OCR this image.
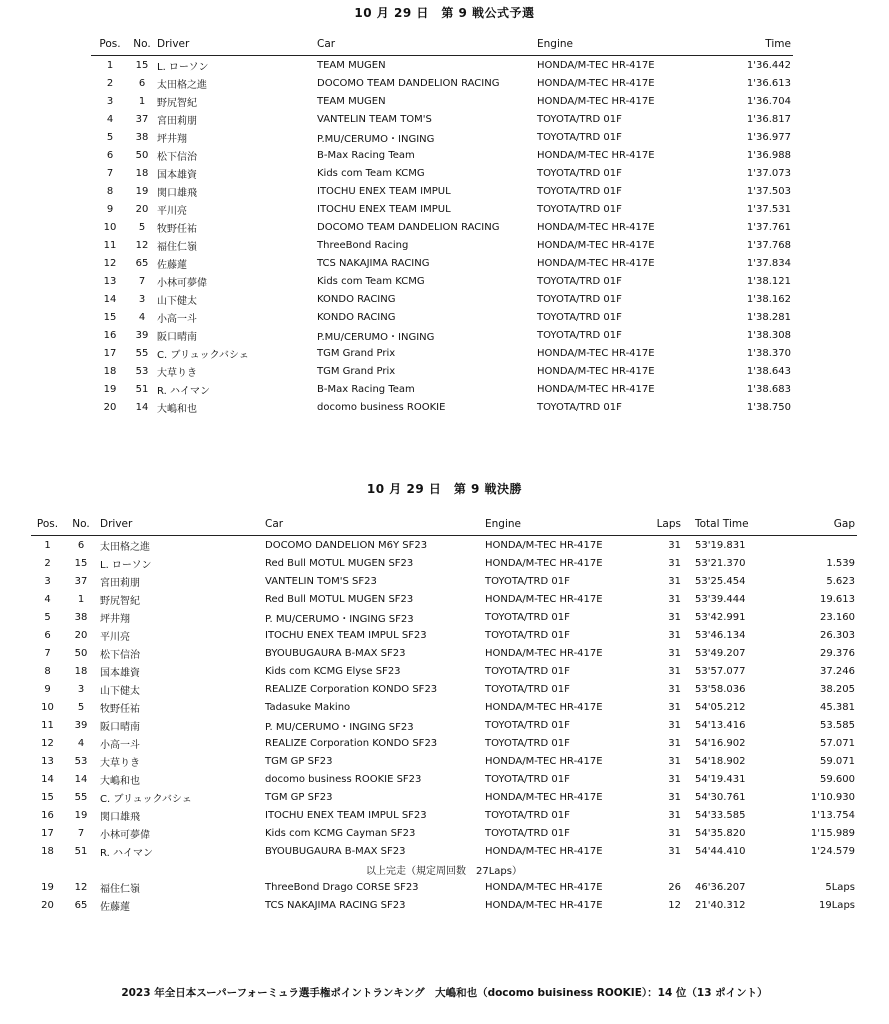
10 月 29 日　第 9 戦公式予選
Pos.	No.	Driver	Car	Engine	Time
1	15	L. ローソン	TEAM MUGEN	HONDA/M-TEC HR-417E	1'36.442
2	6	太田格之進	DOCOMO TEAM DANDELION RACING	HONDA/M-TEC HR-417E	1'36.613
3	1	野尻智紀	TEAM MUGEN	HONDA/M-TEC HR-417E	1'36.704
4	37	宮田莉朋	VANTELIN TEAM TOM'S	TOYOTA/TRD 01F	1'36.817
5	38	坪井翔	P.MU/CERUMO・INGING	TOYOTA/TRD 01F	1'36.977
6	50	松下信治	B-Max Racing Team	HONDA/M-TEC HR-417E	1'36.988
7	18	国本雄資	Kids com Team KCMG	TOYOTA/TRD 01F	1'37.073
8	19	関口雄飛	ITOCHU ENEX TEAM IMPUL	TOYOTA/TRD 01F	1'37.503
9	20	平川亮	ITOCHU ENEX TEAM IMPUL	TOYOTA/TRD 01F	1'37.531
10	5	牧野任祐	DOCOMO TEAM DANDELION RACING	HONDA/M-TEC HR-417E	1'37.761
11	12	福住仁嶺	ThreeBond Racing	HONDA/M-TEC HR-417E	1'37.768
12	65	佐藤蓮	TCS NAKAJIMA RACING	HONDA/M-TEC HR-417E	1'37.834
13	7	小林可夢偉	Kids com Team KCMG	TOYOTA/TRD 01F	1'38.121
14	3	山下健太	KONDO RACING	TOYOTA/TRD 01F	1'38.162
15	4	小高一斗	KONDO RACING	TOYOTA/TRD 01F	1'38.281
16	39	阪口晴南	P.MU/CERUMO・INGING	TOYOTA/TRD 01F	1'38.308
17	55	C. ブリュックバシェ	TGM Grand Prix	HONDA/M-TEC HR-417E	1'38.370
18	53	大草りき	TGM Grand Prix	HONDA/M-TEC HR-417E	1'38.643
19	51	R. ハイマン	B-Max Racing Team	HONDA/M-TEC HR-417E	1'38.683
20	14	大嶋和也	docomo business ROOKIE	TOYOTA/TRD 01F	1'38.750
10 月 29 日　第 9 戦決勝
Pos.	No.	Driver	Car	Engine	Laps	Total Time	Gap
1	6	太田格之進	DOCOMO DANDELION M6Y SF23	HONDA/M-TEC HR-417E	31	53'19.831	
2	15	L. ローソン	Red Bull MOTUL MUGEN SF23	HONDA/M-TEC HR-417E	31	53'21.370	1.539
3	37	宮田莉朋	VANTELIN TOM'S SF23	TOYOTA/TRD 01F	31	53'25.454	5.623
4	1	野尻智紀	Red Bull MOTUL MUGEN SF23	HONDA/M-TEC HR-417E	31	53'39.444	19.613
5	38	坪井翔	P. MU/CERUMO・INGING SF23	TOYOTA/TRD 01F	31	53'42.991	23.160
6	20	平川亮	ITOCHU ENEX TEAM IMPUL SF23	TOYOTA/TRD 01F	31	53'46.134	26.303
7	50	松下信治	BYOUBUGAURA B-MAX SF23	HONDA/M-TEC HR-417E	31	53'49.207	29.376
8	18	国本雄資	Kids com KCMG Elyse SF23	TOYOTA/TRD 01F	31	53'57.077	37.246
9	3	山下健太	REALIZE Corporation KONDO SF23	TOYOTA/TRD 01F	31	53'58.036	38.205
10	5	牧野任祐	Tadasuke Makino	HONDA/M-TEC HR-417E	31	54'05.212	45.381
11	39	阪口晴南	P. MU/CERUMO・INGING SF23	TOYOTA/TRD 01F	31	54'13.416	53.585
12	4	小高一斗	REALIZE Corporation KONDO SF23	TOYOTA/TRD 01F	31	54'16.902	57.071
13	53	大草りき	TGM GP SF23	HONDA/M-TEC HR-417E	31	54'18.902	59.071
14	14	大嶋和也	docomo business ROOKIE SF23	TOYOTA/TRD 01F	31	54'19.431	59.600
15	55	C. ブリュックバシェ	TGM GP SF23	HONDA/M-TEC HR-417E	31	54'30.761	1'10.930
16	19	関口雄飛	ITOCHU ENEX TEAM IMPUL SF23	TOYOTA/TRD 01F	31	54'33.585	1'13.754
17	7	小林可夢偉	Kids com KCMG Cayman SF23	TOYOTA/TRD 01F	31	54'35.820	1'15.989
18	51	R. ハイマン	BYOUBUGAURA B-MAX SF23	HONDA/M-TEC HR-417E	31	54'44.410	1'24.579
以上完走（規定周回数　27Laps）							
19	12	福住仁嶺	ThreeBond Drago CORSE SF23	HONDA/M-TEC HR-417E	26	46'36.207	5Laps
20	65	佐藤蓮	TCS NAKAJIMA RACING SF23	HONDA/M-TEC HR-417E	12	21'40.312	19Laps
2023 年全日本スーパーフォーミュラ選手権ポイントランキング　大嶋和也（docomo buisiness ROOKIE）：14 位（13 ポイント）
